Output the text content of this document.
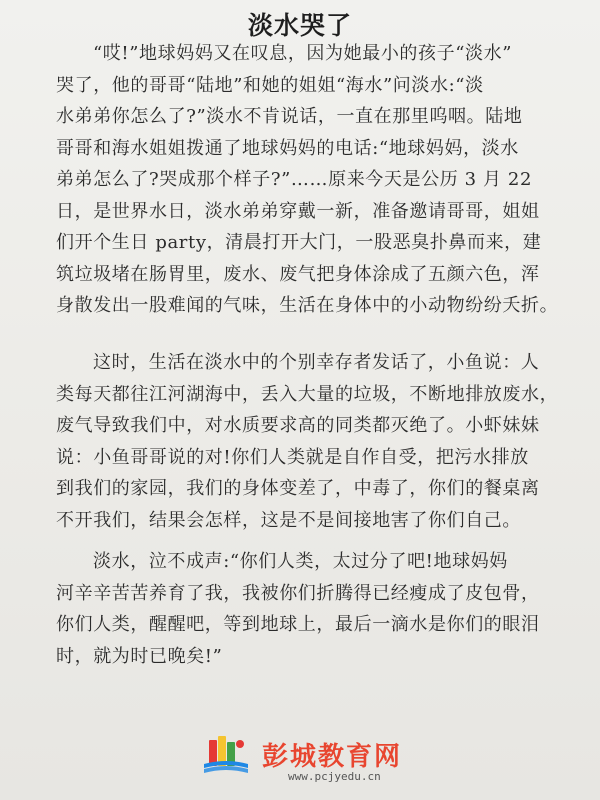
淡水哭了
“哎!”地球妈妈又在叹息，因为她最小的孩子“淡水”
哭了，他的哥哥“陆地”和她的姐姐“海水”问淡水:“淡
水弟弟你怎么了?”淡水不肯说话，一直在那里呜咽。陆地
哥哥和海水姐姐拨通了地球妈妈的电话:“地球妈妈，淡水
弟弟怎么了?哭成那个样子?”……原来今天是公历 3 月 22
日，是世界水日，淡水弟弟穿戴一新，准备邀请哥哥，姐姐
们开个生日 party，清晨打开大门，一股恶臭扑鼻而来，建
筑垃圾堵在肠胃里，废水、废气把身体涂成了五颜六色，浑
身散发出一股难闻的气味，生活在身体中的小动物纷纷夭折。
这时，生活在淡水中的个别幸存者发话了，小鱼说：人
类每天都往江河湖海中，丢入大量的垃圾，不断地排放废水，
废气导致我们中，对水质要求高的同类都灭绝了。小虾妹妹
说：小鱼哥哥说的对!你们人类就是自作自受，把污水排放
到我们的家园，我们的身体变差了，中毒了，你们的餐桌离
不开我们，结果会怎样，这是不是间接地害了你们自己。
淡水，泣不成声:“你们人类，太过分了吧!地球妈妈
河辛辛苦苦养育了我，我被你们折腾得已经瘦成了皮包骨，
你们人类，醒醒吧，等到地球上，最后一滴水是你们的眼泪
时，就为时已晚矣!”
彭城教育网
www.pcjyedu.cn
